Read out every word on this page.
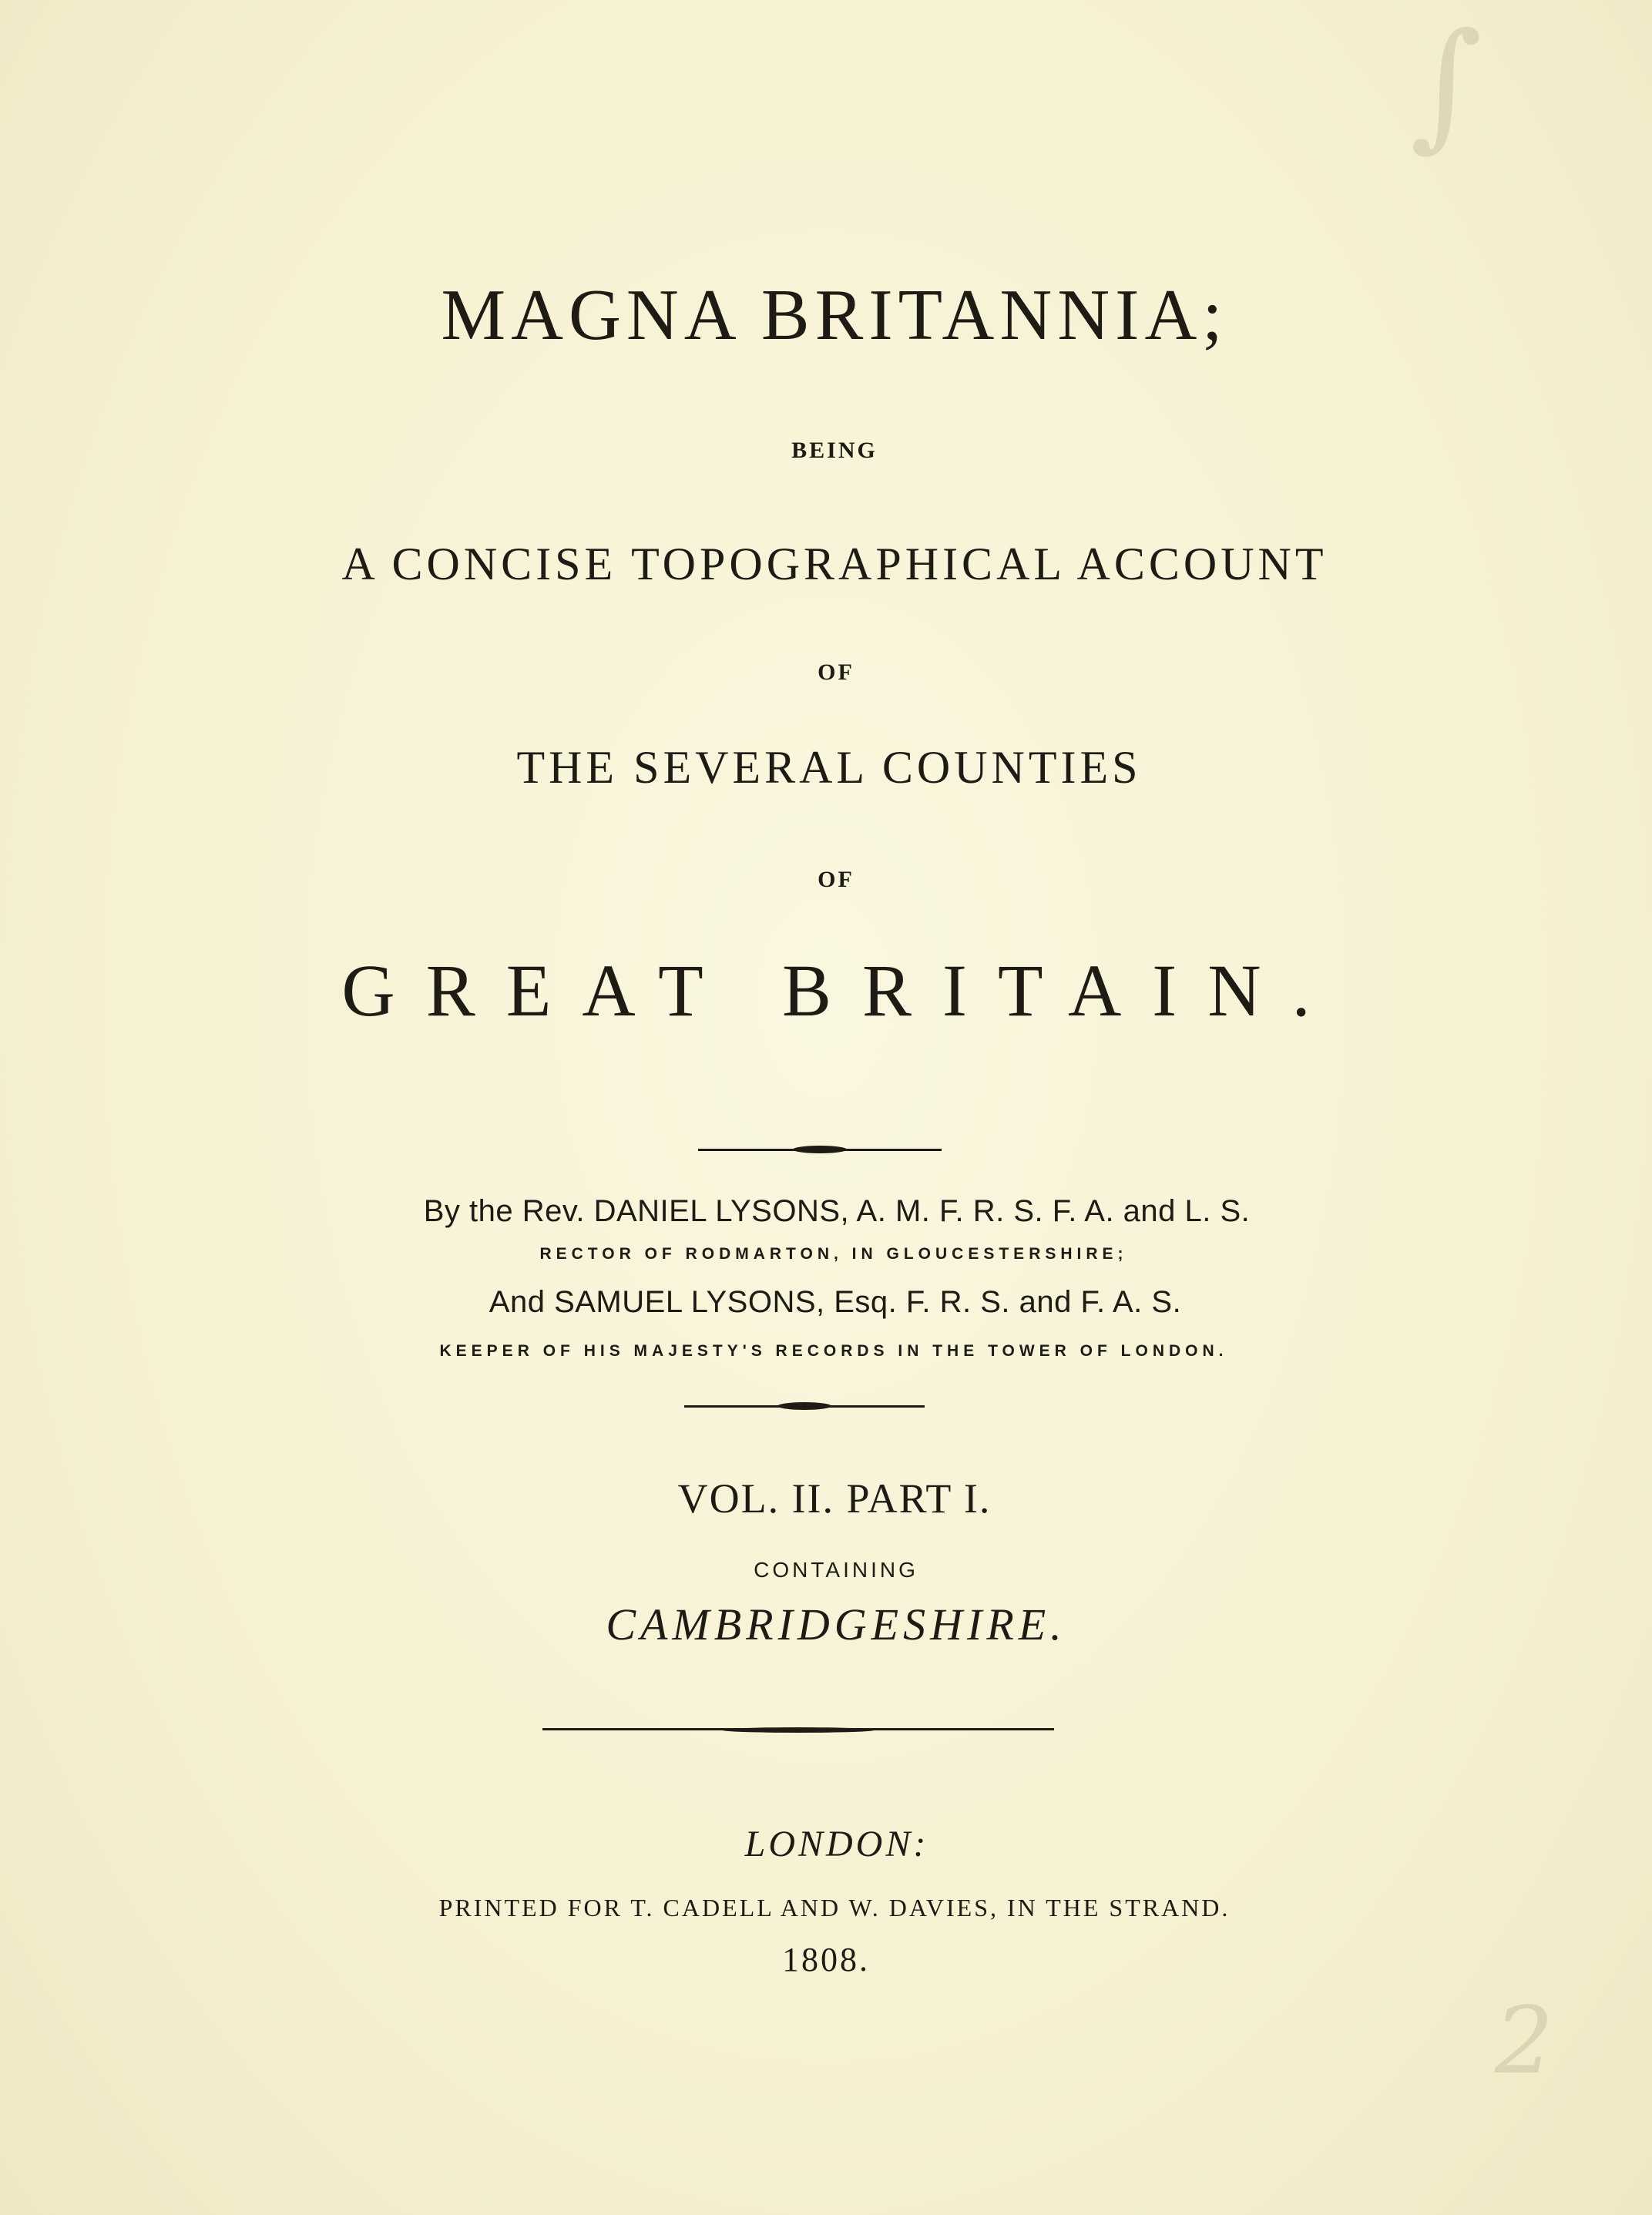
∫
2
MAGNA BRITANNIA;
BEING
A CONCISE TOPOGRAPHICAL ACCOUNT
OF
THE SEVERAL COUNTIES
OF
GREAT BRITAIN.
By the Rev. DANIEL LYSONS, A. M. F. R. S. F. A. and L. S.
RECTOR OF RODMARTON, IN GLOUCESTERSHIRE;
And SAMUEL LYSONS, Esq. F. R. S. and F. A. S.
KEEPER OF HIS MAJESTY'S RECORDS IN THE TOWER OF LONDON.
VOL. II. PART I.
CONTAINING
CAMBRIDGESHIRE.
LONDON:
PRINTED FOR T. CADELL AND W. DAVIES, IN THE STRAND.
1808.
